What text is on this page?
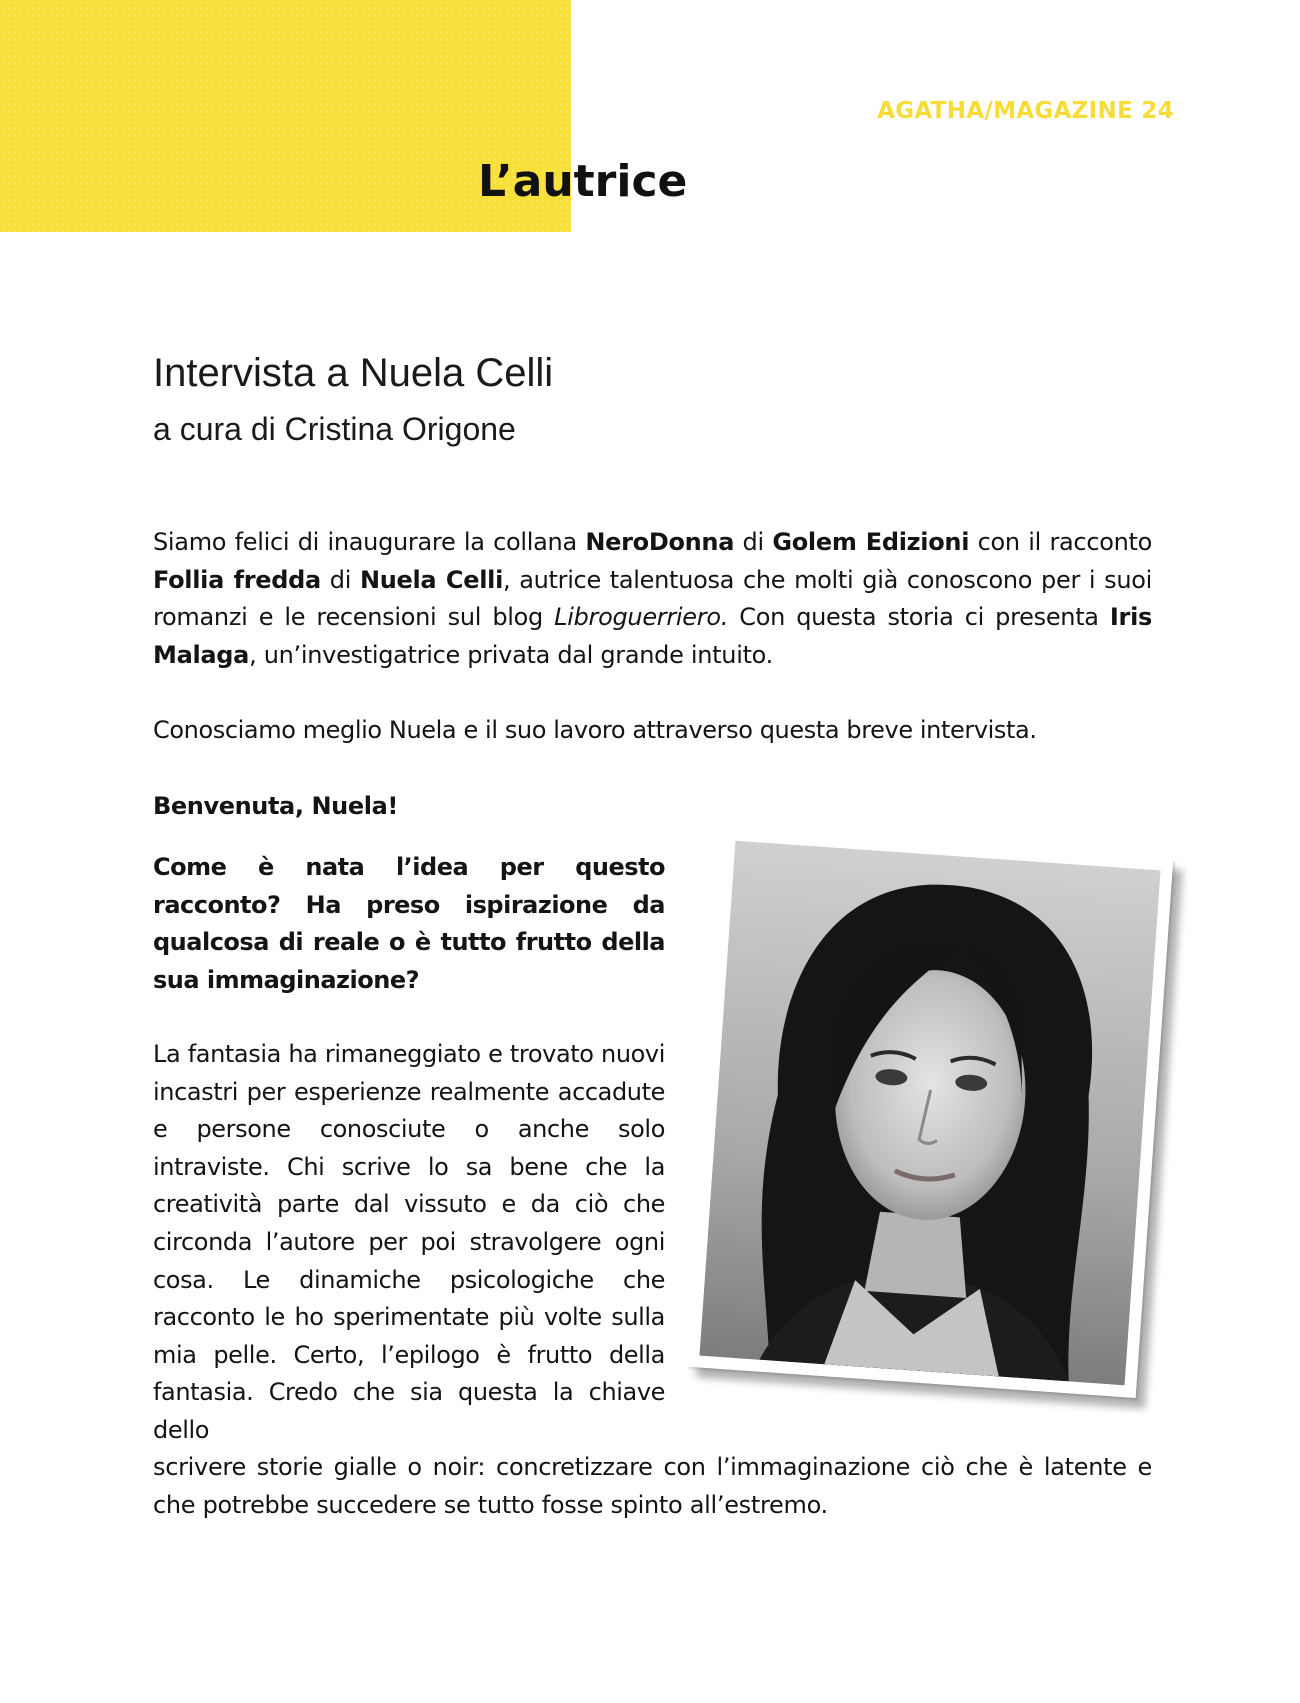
AGATHA/MAGAZINE 24
L’autrice
Intervista a Nuela Celli

a cura di Cristina Origone

Siamo felici di inaugurare la collana NeroDonna di Golem Edizioni con il racconto Follia fredda di Nuela Celli, autrice talentuosa che molti già conoscono per i suoi romanzi e le recensioni sul blog Libroguerriero. Con questa storia ci presenta Iris Malaga, un’investigatrice privata dal grande intuito.

Conosciamo meglio Nuela e il suo lavoro attraverso questa breve intervista.

Benvenuta, Nuela!

Come è nata l’idea per questo racconto? Ha preso ispirazione da qualcosa di reale o è tutto frutto della sua immaginazione?

La fantasia ha rimaneggiato e trovato nuovi incastri per esperienze realmente accadute e persone conosciute o anche solo intraviste. Chi scrive lo sa bene che la creatività parte dal vissuto e da ciò che circonda l’autore per poi stravolgere ogni cosa. Le dinamiche psicologiche che racconto le ho sperimentate più volte sulla mia pelle. Certo, l’epilogo è frutto della fantasia. Credo che sia questa la chiave dello

scrivere storie gialle o noir: concretizzare con l’immaginazione ciò che è latente e che potrebbe succedere se tutto fosse spinto all’estremo.
